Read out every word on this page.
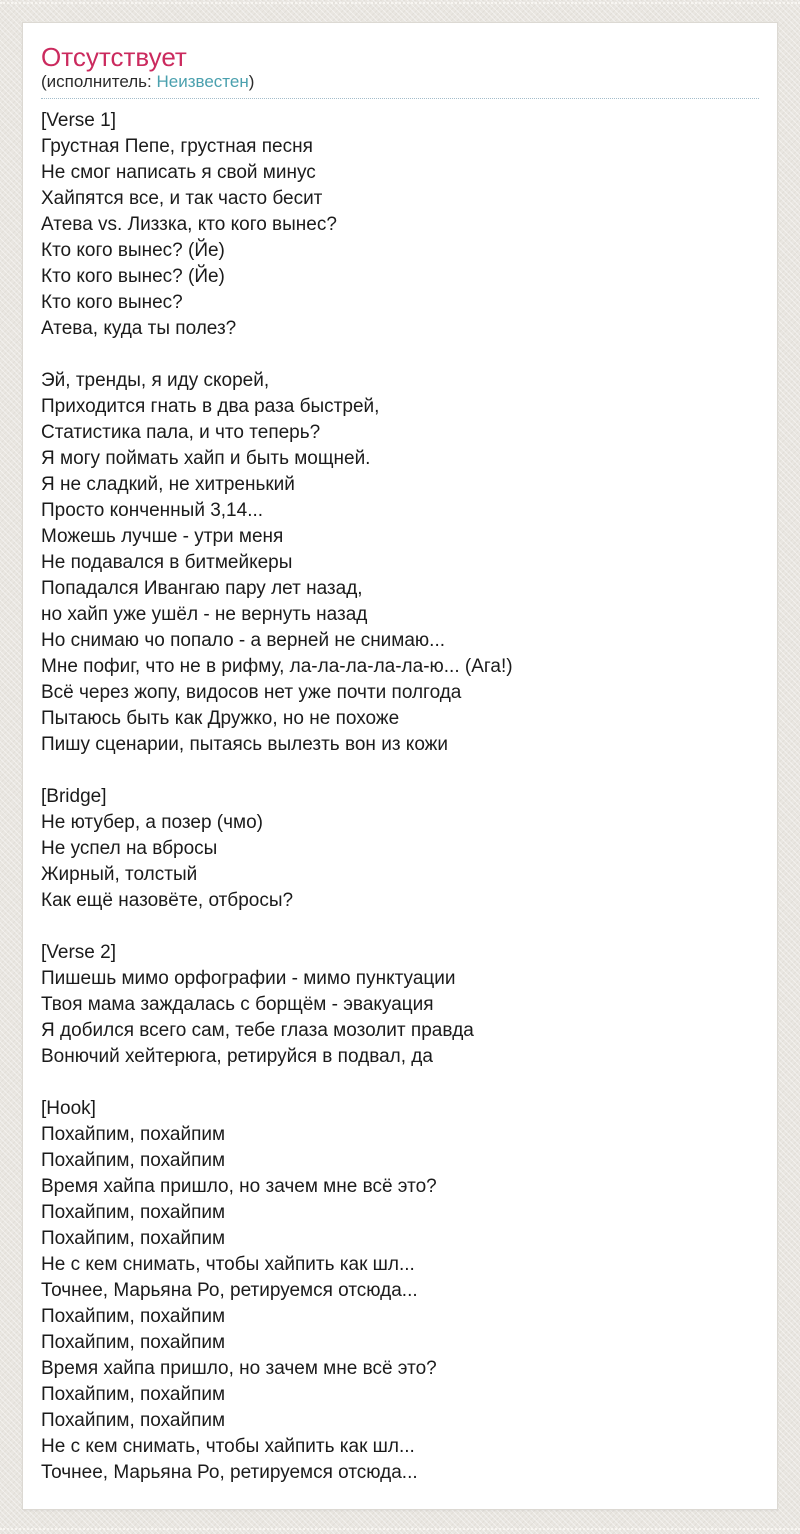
Отсутствует
(исполнитель: Неизвестен)
[Verse 1]
Грустная Пепе, грустная песня
Не смог написать я свой минус
Хайпятся все, и так часто бесит
Атева vs. Лиззка, кто кого вынес?
Кто кого вынес? (Йе)
Кто кого вынес? (Йе)
Кто кого вынес?
Атева, куда ты полез?

Эй, тренды, я иду скорей,
Приходится гнать в два раза быстрей,
Статистика пала, и что теперь?
Я могу поймать хайп и быть мощней.
Я не сладкий, не хитренький
Просто конченный 3,14...
Можешь лучше - утри меня
Не подавался в битмейкеры
Попадался Ивангаю пару лет назад,
но хайп уже ушёл - не вернуть назад
Но снимаю чо попало - а верней не снимаю...
Мне пофиг, что не в рифму, ла-ла-ла-ла-ла-ю... (Ага!)
Всё через жопу, видосов нет уже почти полгода
Пытаюсь быть как Дружко, но не похоже
Пишу сценарии, пытаясь вылезть вон из кожи

[Bridge]
Не ютубер, а позер (чмо)
Не успел на вбросы
Жирный, толстый
Как ещё назовёте, отбросы?

[Verse 2]
Пишешь мимо орфографии - мимо пунктуации
Твоя мама заждалась с борщём - эвакуация
Я добился всего сам, тебе глаза мозолит правда
Вонючий хейтерюга, ретируйся в подвал, да

[Hook]
Похайпим, похайпим
Похайпим, похайпим
Время хайпа пришло, но зачем мне всё это?
Похайпим, похайпим
Похайпим, похайпим
Не с кем снимать, чтобы хайпить как шл...
Точнее, Марьяна Ро, ретируемся отсюда...
Похайпим, похайпим
Похайпим, похайпим
Время хайпа пришло, но зачем мне всё это?
Похайпим, похайпим
Похайпим, похайпим
Не с кем снимать, чтобы хайпить как шл...
Точнее, Марьяна Ро, ретируемся отсюда...
